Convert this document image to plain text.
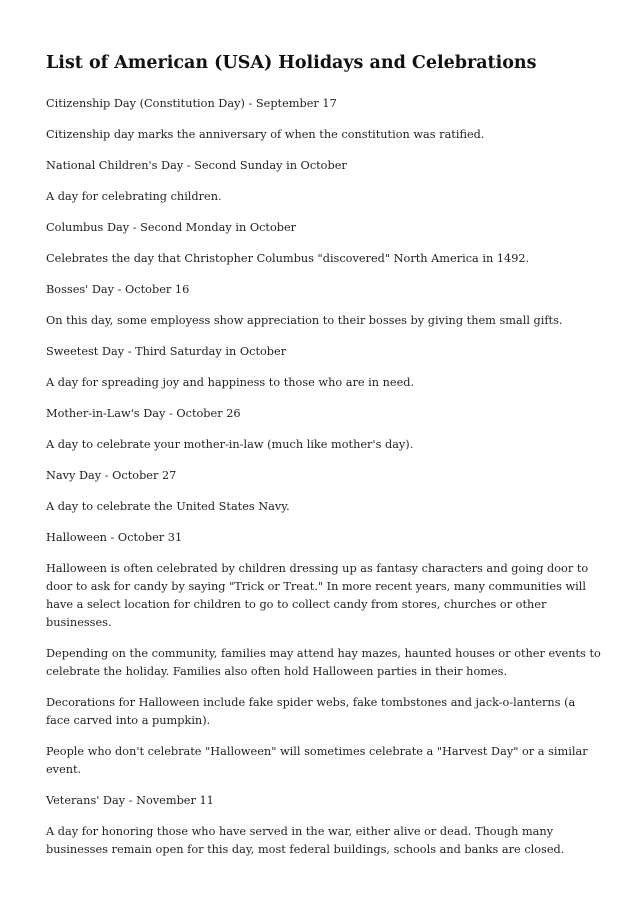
List of American (USA) Holidays and Celebrations

Citizenship Day (Constitution Day) - September 17

Citizenship day marks the anniversary of when the constitution was ratified.

National Children's Day - Second Sunday in October

A day for celebrating children.

Columbus Day - Second Monday in October

Celebrates the day that Christopher Columbus "discovered" North America in 1492.

Bosses' Day - October 16

On this day, some employess show appreciation to their bosses by giving them small gifts.

Sweetest Day - Third Saturday in October

A day for spreading joy and happiness to those who are in need.

Mother-in-Law's Day - October 26

A day to celebrate your mother-in-law (much like mother's day).

Navy Day - October 27

A day to celebrate the United States Navy.

Halloween - October 31

Halloween is often celebrated by children dressing up as fantasy characters and going door to door to ask for candy by saying "Trick or Treat." In more recent years, many communities will have a select location for children to go to collect candy from stores, churches or other businesses.

Depending on the community, families may attend hay mazes, haunted houses or other events to celebrate the holiday. Families also often hold Halloween parties in their homes.

Decorations for Halloween include fake spider webs, fake tombstones and jack-o-lanterns (a face carved into a pumpkin).

People who don't celebrate "Halloween" will sometimes celebrate a "Harvest Day" or a similar event.

Veterans' Day - November 11

A day for honoring those who have served in the war, either alive or dead. Though many businesses remain open for this day, most federal buildings, schools and banks are closed.
